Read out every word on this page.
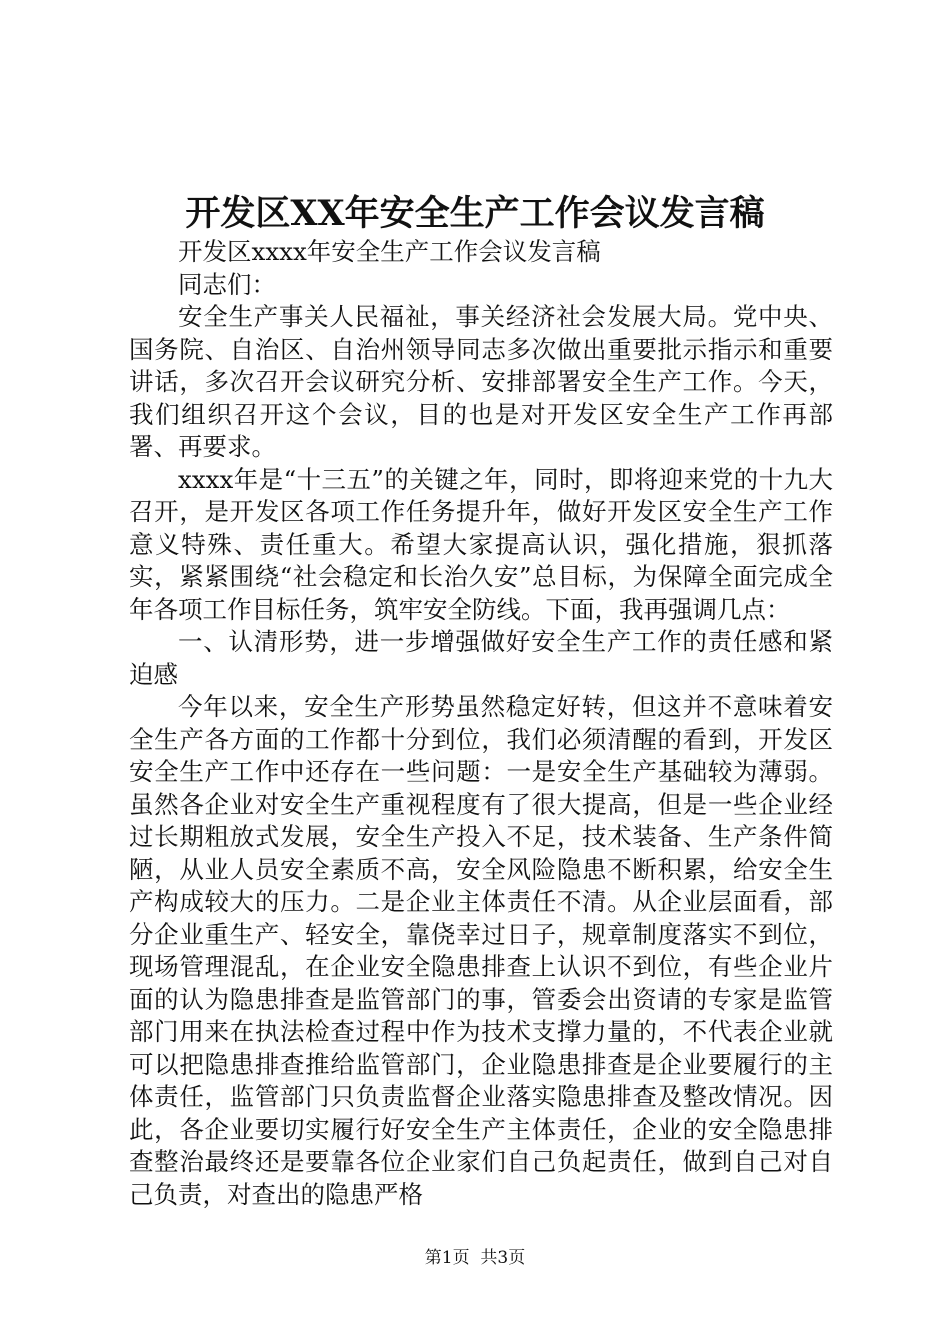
开发区XX年安全生产工作会议发言稿

开发区xxxx年安全生产工作会议发言稿

同志们：

安全生产事关人民福祉，事关经济社会发展大局。党中央、国务院、自治区、自治州领导同志多次做出重要批示指示和重要讲话，多次召开会议研究分析、安排部署安全生产工作。今天，我们组织召开这个会议，目的也是对开发区安全生产工作再部署、再要求。

xxxx年是“十三五”的关键之年，同时，即将迎来党的十九大召开，是开发区各项工作任务提升年，做好开发区安全生产工作意义特殊、责任重大。希望大家提高认识，强化措施，狠抓落实，紧紧围绕“社会稳定和长治久安”总目标，为保障全面完成全年各项工作目标任务，筑牢安全防线。下面，我再强调几点：

一、认清形势，进一步增强做好安全生产工作的责任感和紧迫感

今年以来，安全生产形势虽然稳定好转，但这并不意味着安全生产各方面的工作都十分到位，我们必须清醒的看到，开发区安全生产工作中还存在一些问题：一是安全生产基础较为薄弱。虽然各企业对安全生产重视程度有了很大提高，但是一些企业经过长期粗放式发展，安全生产投入不足，技术装备、生产条件简陋，从业人员安全素质不高，安全风险隐患不断积累，给安全生产构成较大的压力。二是企业主体责任不清。从企业层面看，部分企业重生产、轻安全，靠侥幸过日子，规章制度落实不到位，现场管理混乱，在企业安全隐患排查上认识不到位，有些企业片面的认为隐患排查是监管部门的事，管委会出资请的专家是监管部门用来在执法检查过程中作为技术支撑力量的，不代表企业就可以把隐患排查推给监管部门，企业隐患排查是企业要履行的主体责任，监管部门只负责监督企业落实隐患排查及整改情况。因此，各企业要切实履行好安全生产主体责任，企业的安全隐患排查整治最终还是要靠各位企业家们自己负起责任，做到自己对自己负责，对查出的隐患严格

第1页  共3页
